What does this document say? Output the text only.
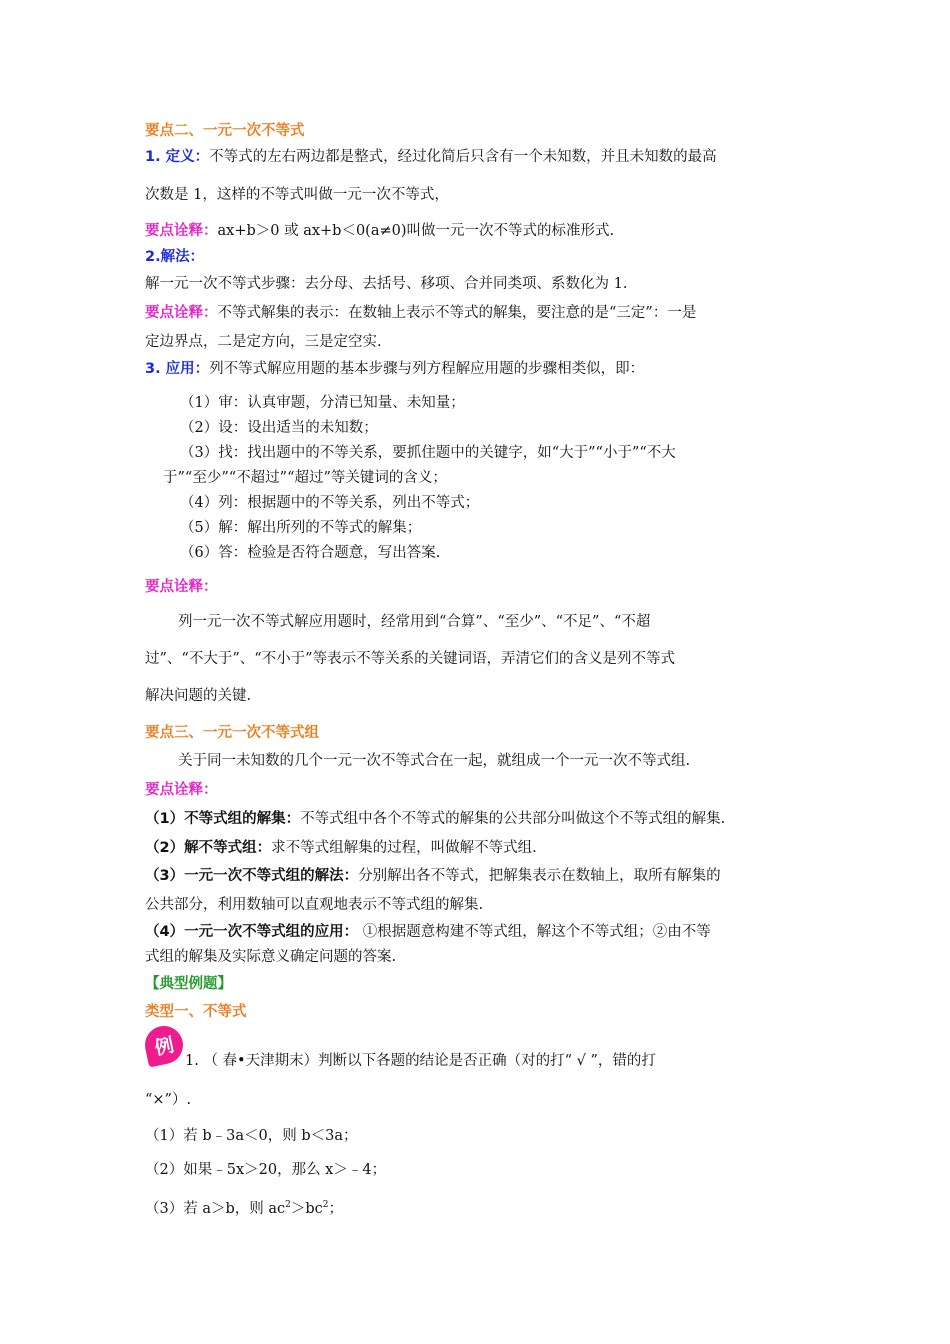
要点二、一元一次不等式
1. 定义：不等式的左右两边都是整式，经过化简后只含有一个未知数，并且未知数的最高
次数是 1，这样的不等式叫做一元一次不等式，
要点诠释：ax+b＞0 或 ax+b＜0(a≠0)叫做一元一次不等式的标准形式.
2.解法：
解一元一次不等式步骤：去分母、去括号、移项、合并同类项、系数化为 1.
要点诠释：不等式解集的表示：在数轴上表示不等式的解集，要注意的是“三定”：一是
定边界点，二是定方向，三是定空实.
3. 应用：列不等式解应用题的基本步骤与列方程解应用题的步骤相类似，即：
（1）审：认真审题，分清已知量、未知量；
（2）设：设出适当的未知数；
（3）找：找出题中的不等关系，要抓住题中的关键字，如“大于”“小于”“不大
于”“至少”“不超过”“超过”等关键词的含义；
（4）列：根据题中的不等关系，列出不等式；
（5）解：解出所列的不等式的解集；
（6）答：检验是否符合题意，写出答案.
要点诠释：
列一元一次不等式解应用题时，经常用到“合算”、“至少”、“不足”、“不超
过”、“不大于”、“不小于”等表示不等关系的关键词语，弄清它们的含义是列不等式
解决问题的关键.
要点三、一元一次不等式组
关于同一未知数的几个一元一次不等式合在一起，就组成一个一元一次不等式组.
要点诠释：
（1）不等式组的解集：不等式组中各个不等式的解集的公共部分叫做这个不等式组的解集.
（2）解不等式组：求不等式组解集的过程，叫做解不等式组.
（3）一元一次不等式组的解法：分别解出各不等式，把解集表示在数轴上，取所有解集的
公共部分，利用数轴可以直观地表示不等式组的解集.
（4）一元一次不等式组的应用： ①根据题意构建不等式组，解这个不等式组；②由不等
式组的解集及实际意义确定问题的答案.
【典型例题】
类型一、不等式
例
1. （ 春•天津期末）判断以下各题的结论是否正确（对的打“ √ ”，错的打
“×”）.
（1）若 b﹣3a＜0，则 b＜3a；
（2）如果﹣5x＞20，那么 x＞﹣4；
（3）若 a＞b，则 $ac^2>bc^2$；
